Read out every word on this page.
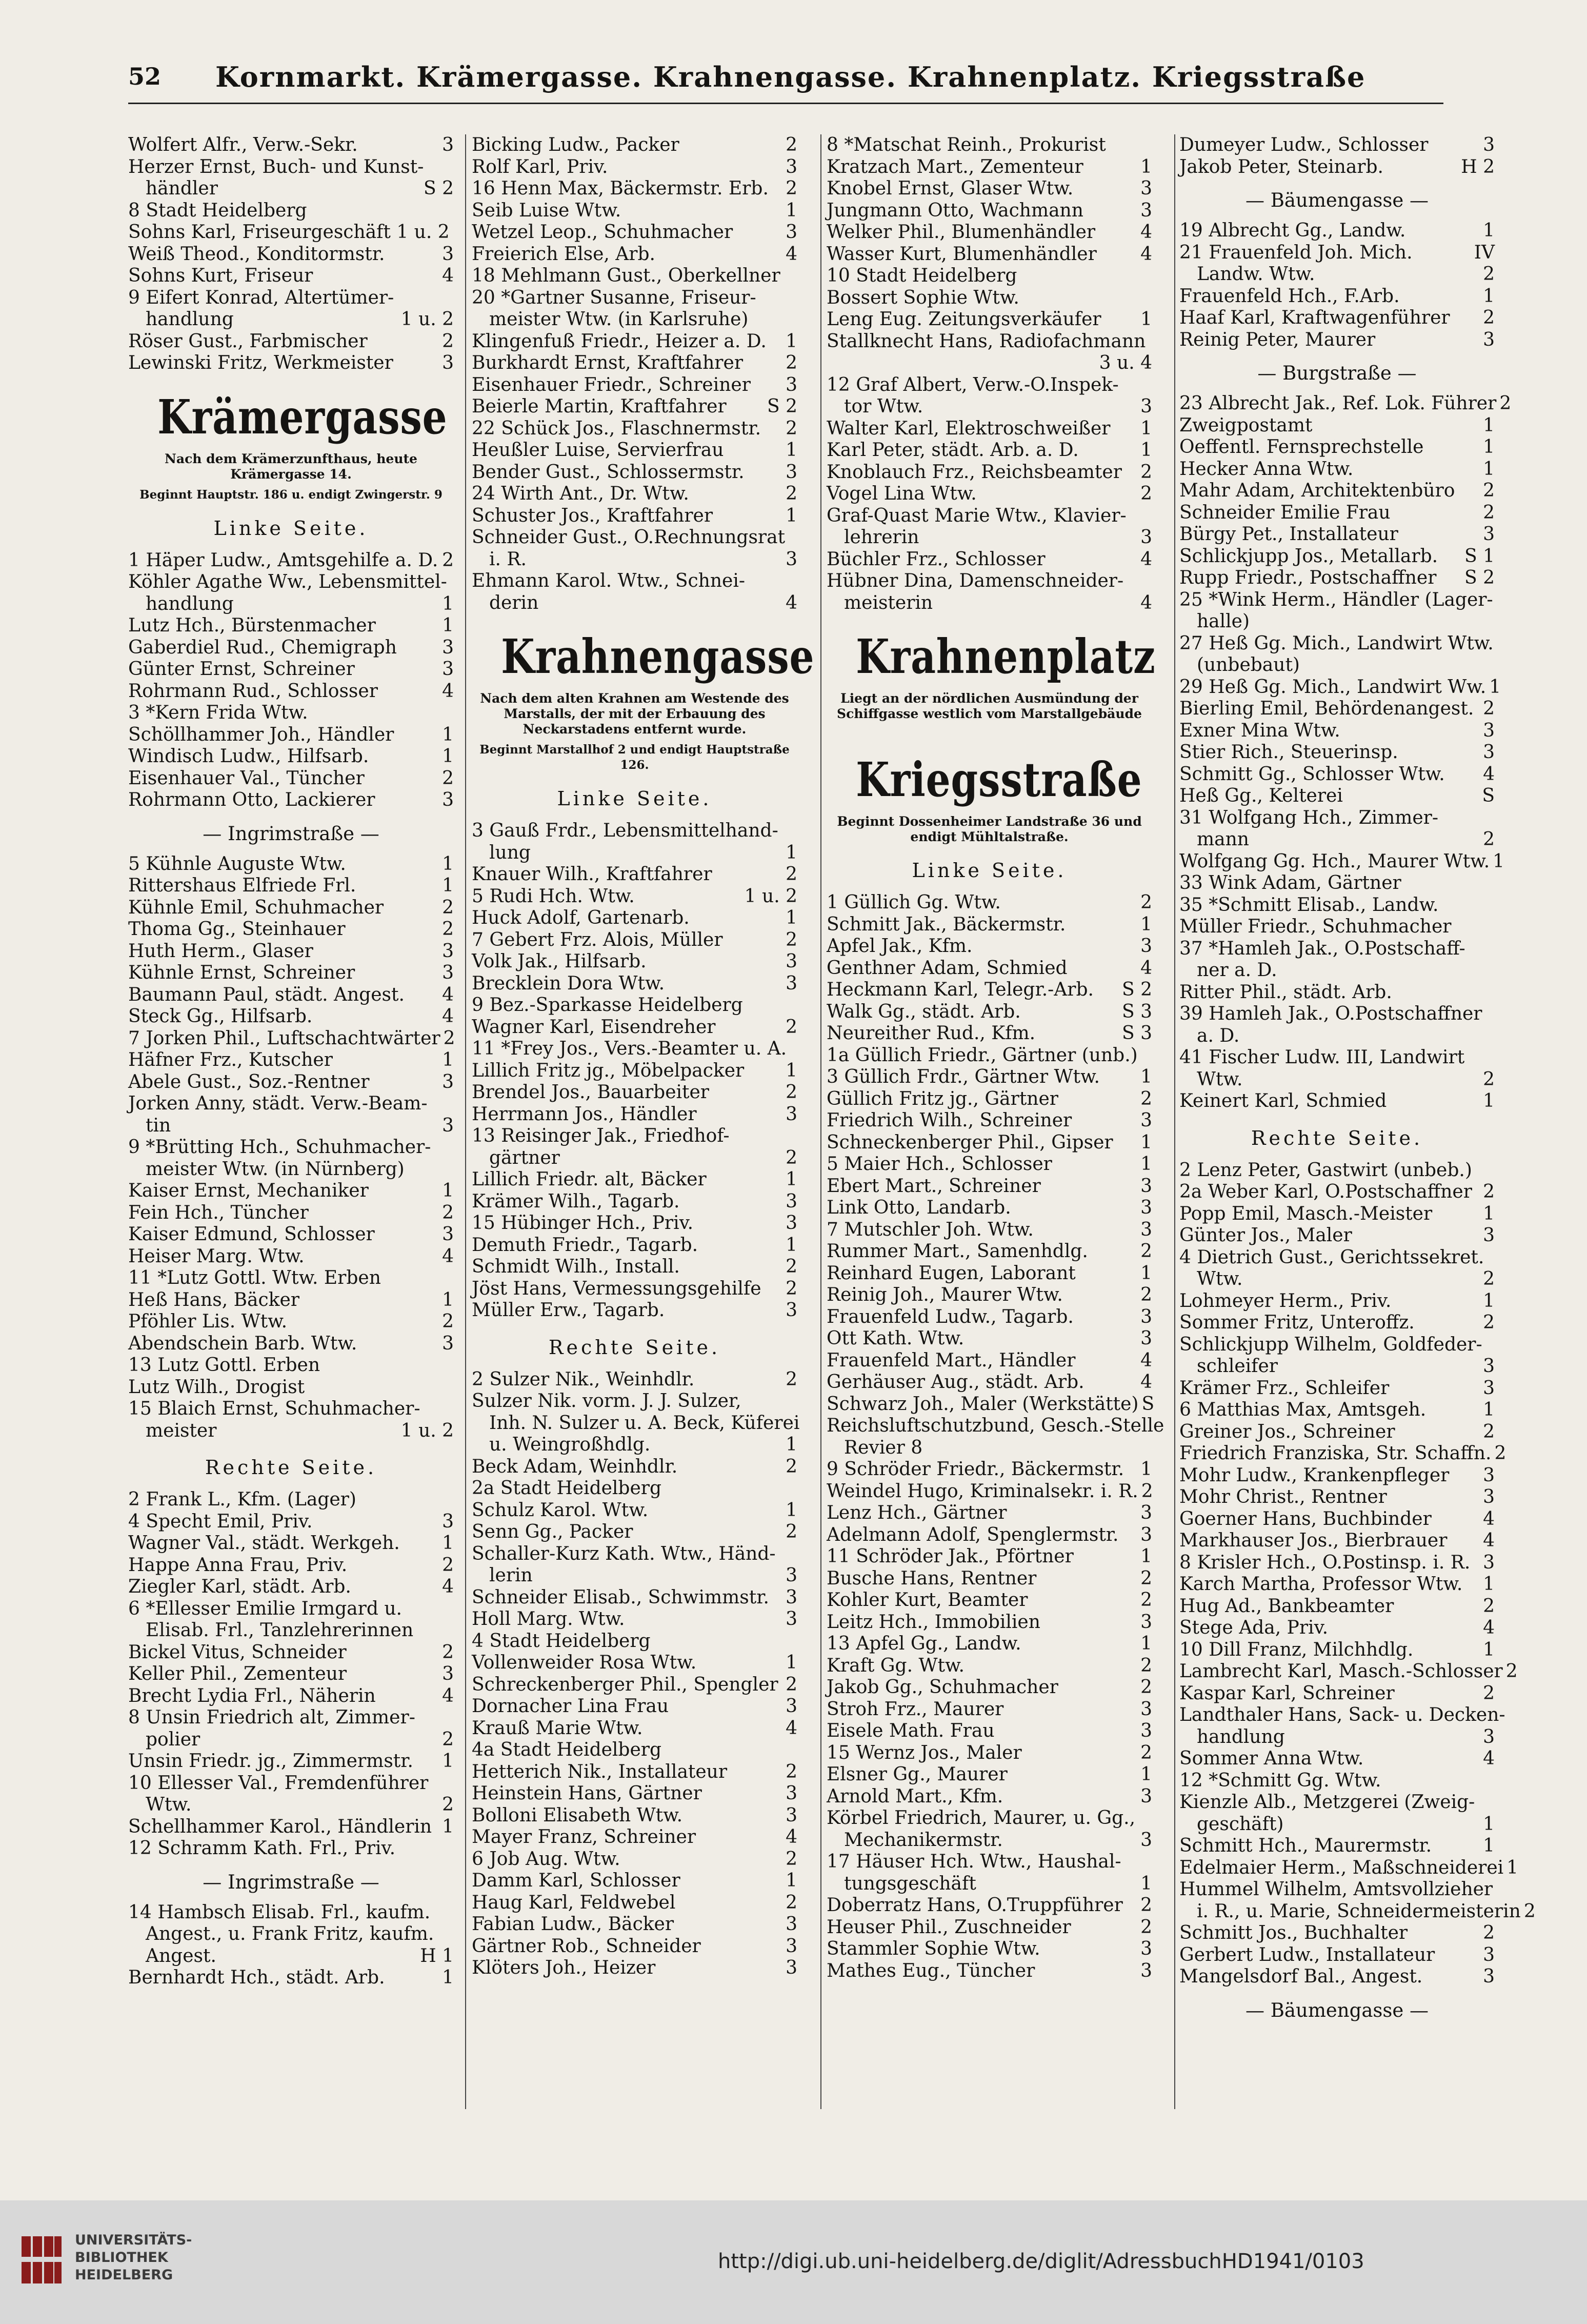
52 Kornmarkt. Krämergasse. Krahnengasse. Krahnenplatz. Kriegsstraße
Wolfert Alfr., Verw.-Sekr.	3
Herzer Ernst, Buch- und Kunst-
händler	S 2
8 Stadt Heidelberg
Sohns Karl, Friseurgeschäft 1 u. 2
Weiß Theod., Konditormstr.	3
Sohns Kurt, Friseur	4
9 Eifert Konrad, Altertümer-
handlung	1 u. 2
Röser Gust., Farbmischer	2
Lewinski Fritz, Werkmeister	3
Krämergasse
Nach dem Krämerzunfthaus, heute Krämergasse 14.
Beginnt Hauptstr. 186 u. endigt Zwingerstr. 9
Linke Seite.
1 Häper Ludw., Amtsgehilfe a. D. 2
Köhler Agathe Ww., Lebensmittel-
handlung	1
Lutz Hch., Bürstenmacher	1
Gaberdiel Rud., Chemigraph	3
Günter Ernst, Schreiner	3
Rohrmann Rud., Schlosser	4
3 *Kern Frida Wtw.
Schöllhammer Joh., Händler	1
Windisch Ludw., Hilfsarb.	1
Eisenhauer Val., Tüncher	2
Rohrmann Otto, Lackierer	3
— Ingrimstraße —
5 Kühnle Auguste Wtw.	1
Rittershaus Elfriede Frl.	1
Kühnle Emil, Schuhmacher	2
Thoma Gg., Steinhauer	2
Huth Herm., Glaser	3
Kühnle Ernst, Schreiner	3
Baumann Paul, städt. Angest.	4
Steck Gg., Hilfsarb.	4
7 Jorken Phil., Luftschachtwärter 2
Häfner Frz., Kutscher	1
Abele Gust., Soz.-Rentner	3
Jorken Anny, städt. Verw.-Beam-
tin	3
9 *Brütting Hch., Schuhmacher-
meister Wtw. (in Nürnberg)
Kaiser Ernst, Mechaniker	1
Fein Hch., Tüncher	2
Kaiser Edmund, Schlosser	3
Heiser Marg. Wtw.	4
11 *Lutz Gottl. Wtw. Erben
Heß Hans, Bäcker	1
Pföhler Lis. Wtw.	2
Abendschein Barb. Wtw.	3
13 Lutz Gottl. Erben
Lutz Wilh., Drogist
15 Blaich Ernst, Schuhmacher-
meister	1 u. 2
Rechte Seite.
2 Frank L., Kfm. (Lager)
4 Specht Emil, Priv.	3
Wagner Val., städt. Werkgeh.	1
Happe Anna Frau, Priv.	2
Ziegler Karl, städt. Arb.	4
6 *Ellesser Emilie Irmgard u.
Elisab. Frl., Tanzlehrerinnen
Bickel Vitus, Schneider	2
Keller Phil., Zementeur	3
Brecht Lydia Frl., Näherin	4
8 Unsin Friedrich alt, Zimmer-
polier	2
Unsin Friedr. jg., Zimmermstr.	1
10 Ellesser Val., Fremdenführer
Wtw.	2
Schellhammer Karol., Händlerin 1
12 Schramm Kath. Frl., Priv.
— Ingrimstraße —
14 Hambsch Elisab. Frl., kaufm.
Angest., u. Frank Fritz, kaufm.
Angest.	H 1
Bernhardt Hch., städt. Arb.	1
Bicking Ludw., Packer	2
Rolf Karl, Priv.	3
16 Henn Max, Bäckermstr. Erb. 2
Seib Luise Wtw.	1
Wetzel Leop., Schuhmacher	3
Freierich Else, Arb.	4
18 Mehlmann Gust., Oberkellner
20 *Gartner Susanne, Friseur-
meister Wtw. (in Karlsruhe)
Klingenfuß Friedr., Heizer a. D.	1
Burkhardt Ernst, Kraftfahrer	2
Eisenhauer Friedr., Schreiner	3
Beierle Martin, Kraftfahrer	S 2
22 Schück Jos., Flaschnermstr.	2
Heußler Luise, Servierfrau	1
Bender Gust., Schlossermstr.	3
24 Wirth Ant., Dr. Wtw.	2
Schuster Jos., Kraftfahrer	1
Schneider Gust., O.Rechnungsrat
i. R.	3
Ehmann Karol. Wtw., Schnei-
derin	4
Krahnengasse
Nach dem alten Krahnen am Westende des Marstalls, der mit der Erbauung des Neckarstadens entfernt wurde.
Beginnt Marstallhof 2 und endigt Hauptstraße 126.
Linke Seite.
3 Gauß Frdr., Lebensmittelhand-
lung	1
Knauer Wilh., Kraftfahrer	2
5 Rudi Hch. Wtw.	1 u. 2
Huck Adolf, Gartenarb.	1
7 Gebert Frz. Alois, Müller	2
Volk Jak., Hilfsarb.	3
Brecklein Dora Wtw.	3
9 Bez.-Sparkasse Heidelberg
Wagner Karl, Eisendreher	2
11 *Frey Jos., Vers.-Beamter u. A.
Lillich Fritz jg., Möbelpacker	1
Brendel Jos., Bauarbeiter	2
Herrmann Jos., Händler	3
13 Reisinger Jak., Friedhof-
gärtner	2
Lillich Friedr. alt, Bäcker	1
Krämer Wilh., Tagarb.	3
15 Hübinger Hch., Priv.	3
Demuth Friedr., Tagarb.	1
Schmidt Wilh., Install.	2
Jöst Hans, Vermessungsgehilfe	2
Müller Erw., Tagarb.	3
Rechte Seite.
2 Sulzer Nik., Weinhdlr.	2
Sulzer Nik. vorm. J. J. Sulzer,
Inh. N. Sulzer u. A. Beck, Küferei
u. Weingroßhdlg.	1
Beck Adam, Weinhdlr.	2
2a Stadt Heidelberg
Schulz Karol. Wtw.	1
Senn Gg., Packer	2
Schaller-Kurz Kath. Wtw., Händ-
lerin	3
Schneider Elisab., Schwimmstr. 3
Holl Marg. Wtw.	3
4 Stadt Heidelberg
Vollenweider Rosa Wtw.	1
Schreckenberger Phil., Spengler 2
Dornacher Lina Frau	3
Krauß Marie Wtw.	4
4a Stadt Heidelberg
Hetterich Nik., Installateur	2
Heinstein Hans, Gärtner	3
Bolloni Elisabeth Wtw.	3
Mayer Franz, Schreiner	4
6 Job Aug. Wtw.	2
Damm Karl, Schlosser	1
Haug Karl, Feldwebel	2
Fabian Ludw., Bäcker	3
Gärtner Rob., Schneider	3
Klöters Joh., Heizer	3
8 *Matschat Reinh., Prokurist
Kratzach Mart., Zementeur	1
Knobel Ernst, Glaser Wtw.	3
Jungmann Otto, Wachmann	3
Welker Phil., Blumenhändler	4
Wasser Kurt, Blumenhändler	4
10 Stadt Heidelberg
Bossert Sophie Wtw.
Leng Eug. Zeitungsverkäufer	1
Stallknecht Hans, Radiofachmann
3 u. 4
12 Graf Albert, Verw.-O.Inspek-
tor Wtw.	3
Walter Karl, Elektroschweißer	1
Karl Peter, städt. Arb. a. D.	1
Knoblauch Frz., Reichsbeamter	2
Vogel Lina Wtw.	2
Graf-Quast Marie Wtw., Klavier-
lehrerin	3
Büchler Frz., Schlosser	4
Hübner Dina, Damenschneider-
meisterin	4
Krahnenplatz
Liegt an der nördlichen Ausmündung der Schiffgasse westlich vom Marstallgebäude
Kriegsstraße
Beginnt Dossenheimer Landstraße 36 und endigt Mühltalstraße.
Linke Seite.
1 Güllich Gg. Wtw.	2
Schmitt Jak., Bäckermstr.	1
Apfel Jak., Kfm.	3
Genthner Adam, Schmied	4
Heckmann Karl, Telegr.-Arb.	S 2
Walk Gg., städt. Arb.	S 3
Neureither Rud., Kfm.	S 3
1a Güllich Friedr., Gärtner (unb.)
3 Güllich Frdr., Gärtner Wtw.	1
Güllich Fritz jg., Gärtner	2
Friedrich Wilh., Schreiner	3
Schneckenberger Phil., Gipser	1
5 Maier Hch., Schlosser	1
Ebert Mart., Schreiner	3
Link Otto, Landarb.	3
7 Mutschler Joh. Wtw.	3
Rummer Mart., Samenhdlg.	2
Reinhard Eugen, Laborant	1
Reinig Joh., Maurer Wtw.	2
Frauenfeld Ludw., Tagarb.	3
Ott Kath. Wtw.	3
Frauenfeld Mart., Händler	4
Gerhäuser Aug., städt. Arb.	4
Schwarz Joh., Maler (Werkstätte) S
Reichsluftschutzbund, Gesch.-Stelle
Revier 8
9 Schröder Friedr., Bäckermstr. 1
Weindel Hugo, Kriminalsekr. i. R. 2
Lenz Hch., Gärtner	3
Adelmann Adolf, Spenglermstr.	3
11 Schröder Jak., Pförtner	1
Busche Hans, Rentner	2
Kohler Kurt, Beamter	2
Leitz Hch., Immobilien	3
13 Apfel Gg., Landw.	1
Kraft Gg. Wtw.	2
Jakob Gg., Schuhmacher	2
Stroh Frz., Maurer	3
Eisele Math. Frau	3
15 Wernz Jos., Maler	2
Elsner Gg., Maurer	1
Arnold Mart., Kfm.	3
Körbel Friedrich, Maurer, u. Gg.,
Mechanikermstr.	3
17 Häuser Hch. Wtw., Haushal-
tungsgeschäft	1
Doberratz Hans, O.Truppführer 2
Heuser Phil., Zuschneider	2
Stammler Sophie Wtw.	3
Mathes Eug., Tüncher	3
Dumeyer Ludw., Schlosser	3
Jakob Peter, Steinarb.	H 2
— Bäumengasse —
19 Albrecht Gg., Landw.	1
21 Frauenfeld Joh. Mich.	IV
Landw. Wtw.	2
Frauenfeld Hch., F.Arb.	1
Haaf Karl, Kraftwagenführer	2
Reinig Peter, Maurer	3
— Burgstraße —
23 Albrecht Jak., Ref. Lok. Führer 2
Zweigpostamt	1
Oeffentl. Fernsprechstelle	1
Hecker Anna Wtw.	1
Mahr Adam, Architektenbüro	2
Schneider Emilie Frau	2
Bürgy Pet., Installateur	3
Schlickjupp Jos., Metallarb.	S 1
Rupp Friedr., Postschaffner	S 2
25 *Wink Herm., Händler (Lager-
halle)
27 Heß Gg. Mich., Landwirt Wtw.
(unbebaut)
29 Heß Gg. Mich., Landwirt Ww. 1
Bierling Emil, Behördenangest. 2
Exner Mina Wtw.	3
Stier Rich., Steuerinsp.	3
Schmitt Gg., Schlosser Wtw.	4
Heß Gg., Kelterei	S
31 Wolfgang Hch., Zimmer-
mann	2
Wolfgang Gg. Hch., Maurer Wtw. 1
33 Wink Adam, Gärtner
35 *Schmitt Elisab., Landw.
Müller Friedr., Schuhmacher
37 *Hamleh Jak., O.Postschaff-
ner a. D.
Ritter Phil., städt. Arb.
39 Hamleh Jak., O.Postschaffner
a. D.
41 Fischer Ludw. III, Landwirt
Wtw.	2
Keinert Karl, Schmied	1
Rechte Seite.
2 Lenz Peter, Gastwirt (unbeb.)
2a Weber Karl, O.Postschaffner 2
Popp Emil, Masch.-Meister	1
Günter Jos., Maler	3
4 Dietrich Gust., Gerichtssekret.
Wtw.	2
Lohmeyer Herm., Priv.	1
Sommer Fritz, Unteroffz.	2
Schlickjupp Wilhelm, Goldfeder-
schleifer	3
Krämer Frz., Schleifer	3
6 Matthias Max, Amtsgeh.	1
Greiner Jos., Schreiner	2
Friedrich Franziska, Str. Schaffn. 2
Mohr Ludw., Krankenpfleger	3
Mohr Christ., Rentner	3
Goerner Hans, Buchbinder	4
Markhauser Jos., Bierbrauer	4
8 Krisler Hch., O.Postinsp. i. R. 3
Karch Martha, Professor Wtw.	1
Hug Ad., Bankbeamter	2
Stege Ada, Priv.	4
10 Dill Franz, Milchhdlg.	1
Lambrecht Karl, Masch.-Schlosser 2
Kaspar Karl, Schreiner	2
Landthaler Hans, Sack- u. Decken-
handlung	3
Sommer Anna Wtw.	4
12 *Schmitt Gg. Wtw.
Kienzle Alb., Metzgerei (Zweig-
geschäft)	1
Schmitt Hch., Maurermstr.	1
Edelmaier Herm., Maßschneiderei 1
Hummel Wilhelm, Amtsvollzieher
i. R., u. Marie, Schneidermeisterin 2
Schmitt Jos., Buchhalter	2
Gerbert Ludw., Installateur	3
Mangelsdorf Bal., Angest.	3
— Bäumengasse —
UNIVERSITÄTS-
BIBLIOTHEK
HEIDELBERG
http://digi.ub.uni-heidelberg.de/diglit/AdressbuchHD1941/0103
